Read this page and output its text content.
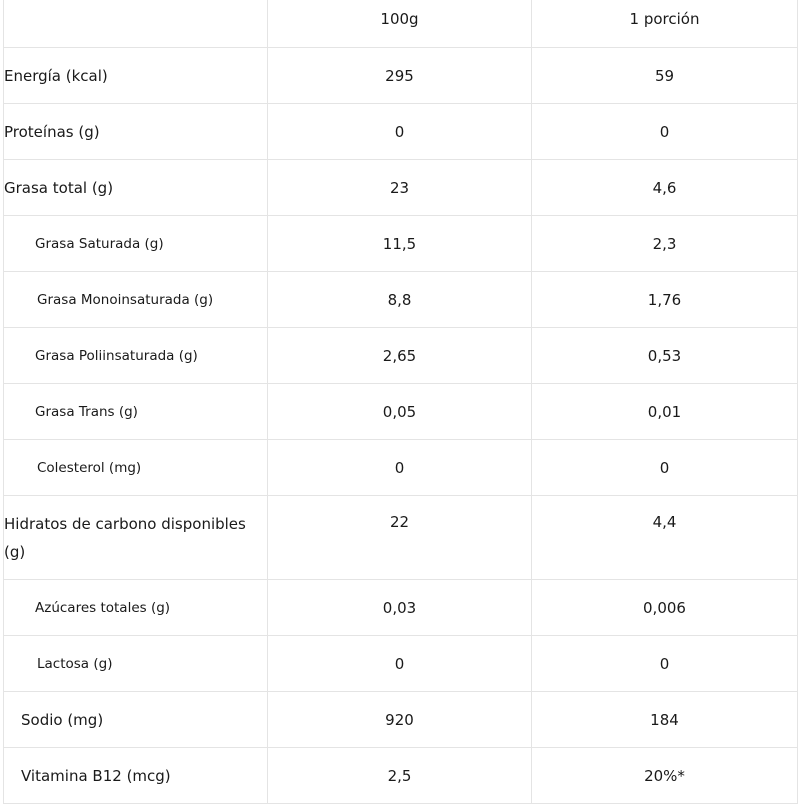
	100g	1 porción
Energía (kcal)	295	59
Proteínas (g)	0	0
Grasa total (g)	23	4,6
Grasa Saturada (g)	11,5	2,3
Grasa Monoinsaturada (g)	8,8	1,76
Grasa Poliinsaturada (g)	2,65	0,53
Grasa Trans (g)	0,05	0,01
Colesterol (mg)	0	0
Hidratos de carbono disponibles (g)	22	4,4
Azúcares totales (g)	0,03	0,006
Lactosa (g)	0	0
Sodio (mg)	920	184
Vitamina B12 (mcg)	2,5	20%*
